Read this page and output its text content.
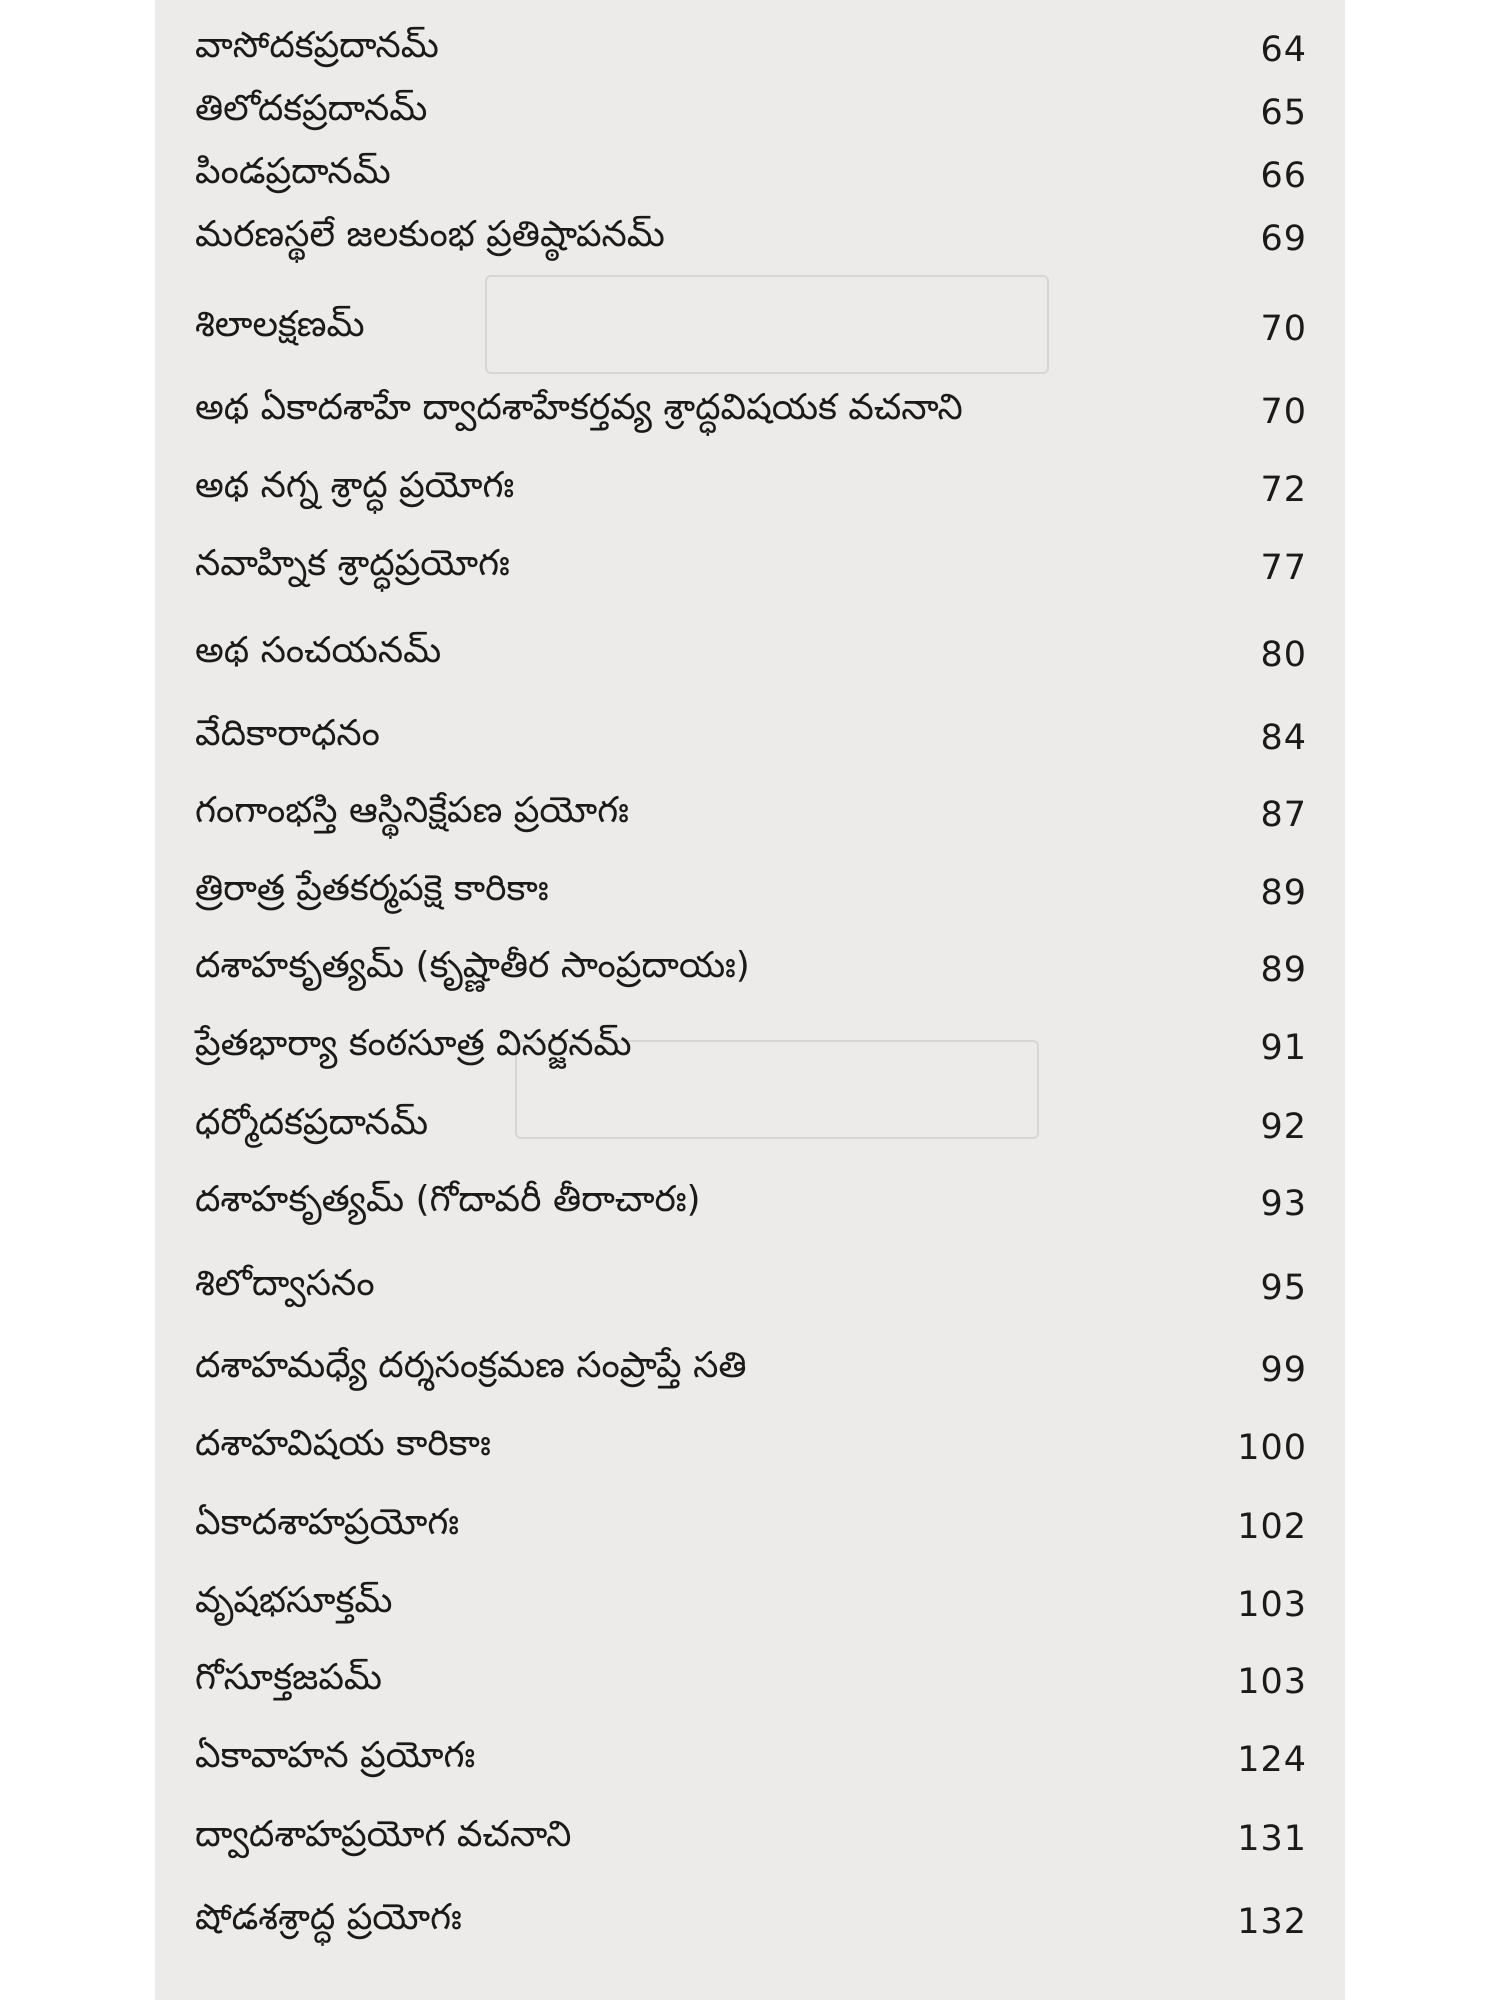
వాసోదకప్రదానమ్	64
తిలోదకప్రదానమ్	65
పిండప్రదానమ్	66
మరణస్థలే జలకుంభ ప్రతిష్ఠాపనమ్	69
శిలాలక్షణమ్	70
అథ ఏకాదశాహే ద్వాదశాహేకర్తవ్య శ్రాద్ధవిషయక వచనాని	70
అథ నగ్న శ్రాద్ధ ప్రయోగః	72
నవాహ్నిక శ్రాద్ధప్రయోగః	77
అథ సంచయనమ్	80
వేదికారాధనం	84
గంగాంభస్తి ఆస్థినిక్షేపణ ప్రయోగః	87
త్రిరాత్ర ప్రేతకర్మపక్షె కారికాః	89
దశాహకృత్యమ్ (కృష్ణాతీర సాంప్రదాయః)	89
ప్రేతభార్యా కంఠసూత్ర విసర్జనమ్	91
ధర్మోదకప్రదానమ్	92
దశాహకృత్యమ్ (గోదావరీ తీరాచారః)	93
శిలోద్వాసనం	95
దశాహమధ్యే దర్శసంక్రమణ సంప్రాప్తే సతి	99
దశాహవిషయ కారికాః	100
ఏకాదశాహప్రయోగః	102
వృషభసూక్తమ్	103
గోసూక్తజపమ్	103
ఏకావాహన ప్రయోగః	124
ద్వాదశాహప్రయోగ వచనాని	131
షోడశశ్రాద్ధ ప్రయోగః	132
